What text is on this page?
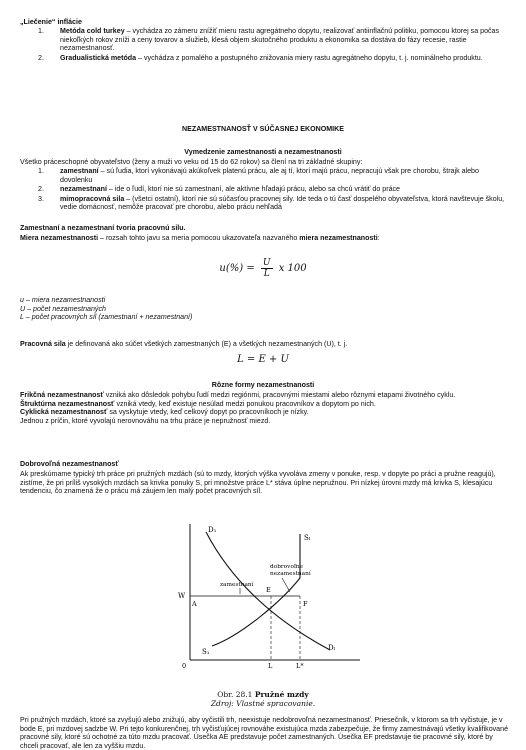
„Liečenie“ inflácie

1.	Metóda cold turkey – vychádza zo zámeru znížiť mieru rastu agregátneho dopytu, realizovať antiinflačnú politiku, pomocou ktorej sa počas niekoľkých rokov zníži a ceny tovarov a služieb, klesá objem skutočného produktu a ekonomika sa dostáva do fázy recesie, rastie nezamestnanosť.
2.	Gradualistická metóda – vychádza z pomalého a postupného znižovania miery rastu agregátneho dopytu, t. j. nominálneho produktu.
NEZAMESTNANOSŤ V SÚČASNEJ EKONOMIKE
Vymedzenie zamestnanosti a nezamestnanosti

Všetko práceschopné obyvateľstvo (ženy a muži vo veku od 15 do 62 rokov) sa člení na tri základné skupiny:

1.	zamestnaní – sú ľudia, ktorí vykonávajú akúkoľvek platenú prácu, ale aj tí, ktorí majú prácu, nepracujú však pre chorobu, štrajk alebo dovolenku
2.	nezamestnaní – ide o ľudí, ktorí nie sú zamestnaní, ale aktívne hľadajú prácu, alebo sa chcú vrátiť do práce
3.	mimopracovná sila – (všetci ostatní), ktorí nie sú súčasťou pracovnej sily. Ide teda o tú časť dospelého obyvateľstva, ktorá navštevuje školu, vedie domácnosť, nemôže pracovať pre chorobu, alebo prácu nehľadá

Zamestnaní a nezamestnaní tvoria pracovnú silu.

Miera nezamestnanosti – rozsah tohto javu sa meria pomocou ukazovateľa nazvaného miera nezamestnanosti:

$u(\%) = \frac{U}{L}$ x 100

u – miera nezamestnanosti

U – počet nezamestnaných

L – počet pracovných síl (zamestnaní + nezamestnaní)

Pracovná sila je definovaná ako súčet všetkých zamestnaných (E) a všetkých nezamestnaných (U), t. j.

L = E + U
Rôzne formy nezamestnanosti

Frikčná nezamestnanosť vzniká ako dôsledok pohybu ľudí medzi regiónmi, pracovnými miestami alebo rôznymi etapami životného cyklu.

Štruktúrna nezamestnanosť vzniká vtedy, keď existuje nesúlad medzi ponukou pracovníkov a dopytom po nich.

Cyklická nezamestnanosť sa vyskytuje vtedy, keď celkový dopyt po pracovníkoch je nízky.

Jednou z príčin, ktoré vyvolajú nerovnováhu na trhu práce je nepružnosť miezd.

Dobrovoľná nezamestnanosť

Ak preskúmame typický trh práce pri pružných mzdách (sú to mzdy, ktorých výška vyvoláva zmeny v ponuke, resp. v dopyte po práci a pružne reagujú), zistíme, že pri príliš vysokých mzdách sa krivka ponuky S, pri množstve práce L* stáva úplne nepružnou. Pri nízkej úrovni mzdy má krivka S, klesajúcu tendenciu, čo znamená že o prácu má záujem len malý počet pracovných síl.

D₁
Sₗ
S₁	Dₗ
W
A
E
F
0	L	L*
dobrovoľne nezamestnaní
zamestnaní
Obr. 28.1 Pružné mzdy
Zdroj: Vlastné spracovanie.

Pri pružných mzdách, ktoré sa zvyšujú alebo znižujú, aby vyčistili trh, neexistuje nedobrovoľná nezamestnanosť. Priesečník, v ktorom sa trh vyčistuje, je v bode E, pri mzdovej sadzbe W. Pri tejto konkurenčnej, trh vyčisťujúcej rovnováhe existujúca mzda zabezpečuje, že firmy zamestnávajú všetky kvalifikované pracovné sily, ktoré sú ochotné za túto mzdu pracovať. Úsečka AE predstavuje počet zamestnaných. Úsečka EF predstavuje tie pracovné sily, ktoré by chceli pracovať, ale len za vyššiu mzdu.
